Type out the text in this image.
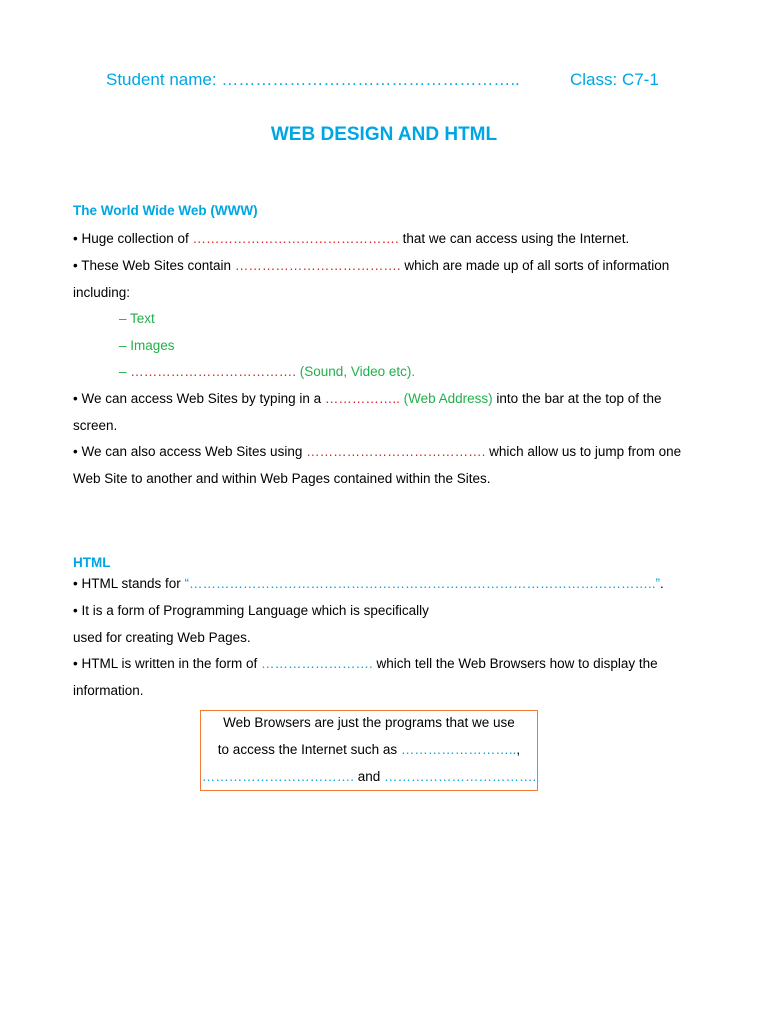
Student name: ……………………………………………..	Class: C7-1
WEB DESIGN AND HTML
The World Wide Web (WWW)
• Huge collection of ………………………………………. that we can access using the Internet.
• These Web Sites contain ………………………………. which are made up of all sorts of information
including:
– Text
– Images
– ………………………………. (Sound, Video etc).
• We can access Web Sites by typing in a …………….. (Web Address) into the bar at the top of the
screen.
• We can also access Web Sites using …………………………………. which allow us to jump from one
Web Site to another and within Web Pages contained within the Sites.
HTML
• HTML stands for “…………………………………………………………………………………………..”.
• It is a form of Programming Language which is specifically
used for creating Web Pages.
• HTML is written in the form of ……………………. which tell the Web Browsers how to display the
information.
Web Browsers are just the programs that we use
to access the Internet such as ……………………..,
……………………………. and …………………………….
